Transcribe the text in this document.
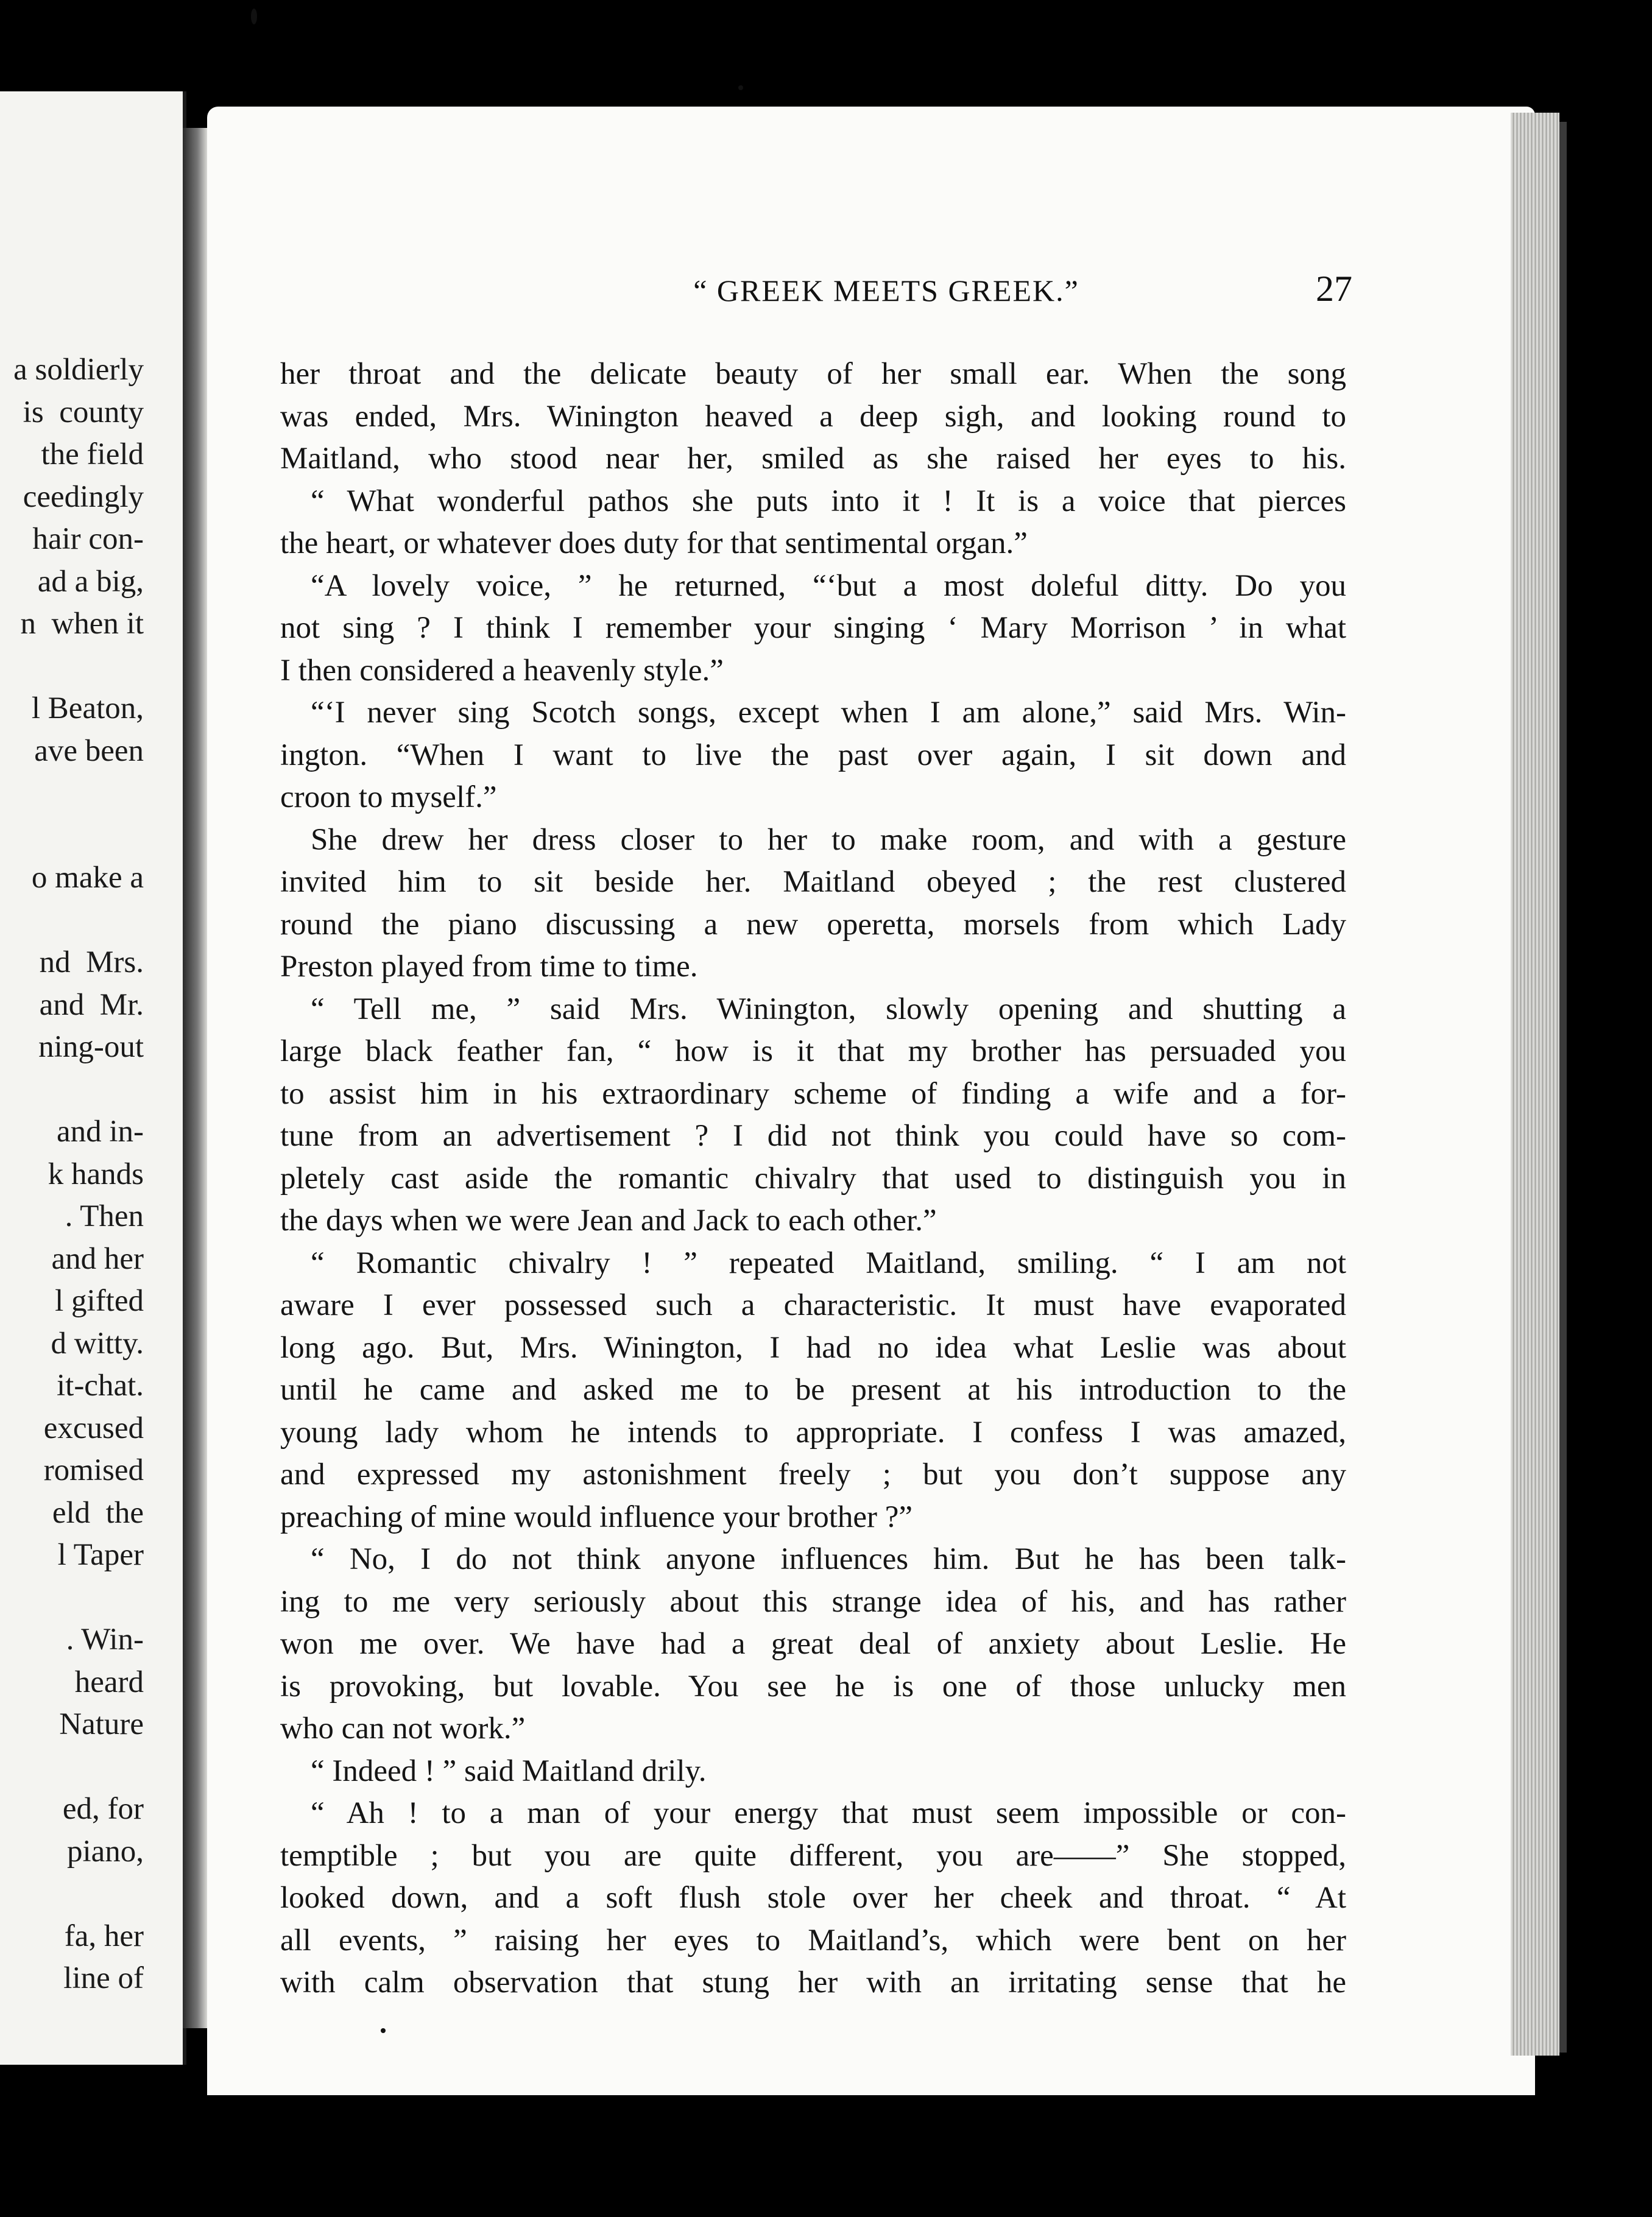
a soldierly
is  county
the field
ceedingly
hair con-
ad a big,
n  when it
l Beaton,
ave been
o make a
nd  Mrs.
and  Mr.
ning-out
and in-
k hands
. Then
and her
l gifted
d witty.
it-chat.
excused
romised
eld  the
l Taper
. Win-
heard
Nature
ed, for
piano,
fa, her
line of
“ GREEK MEETS GREEK.”	27
her throat and the delicate beauty of her small ear. When the song
was ended, Mrs. Winington heaved a deep sigh, and looking round to
Maitland, who stood near her, smiled as she raised her eyes to his.
“ What wonderful pathos she puts into it ! It is a voice that pierces
the heart, or whatever does duty for that sentimental organ.”
“A lovely voice, ” he returned, “‘but a most doleful ditty. Do you
not sing ? I think I remember your singing ‘ Mary Morrison ’ in what
I then considered a heavenly style.”
“‘I never sing Scotch songs, except when I am alone,” said Mrs. Win-
ington. “When I want to live the past over again, I sit down and
croon to myself.”
She drew her dress closer to her to make room, and with a gesture
invited him to sit beside her. Maitland obeyed ; the rest clustered
round the piano discussing a new operetta, morsels from which Lady
Preston played from time to time.
“ Tell me, ” said Mrs. Winington, slowly opening and shutting a
large black feather fan, “ how is it that my brother has persuaded you
to assist him in his extraordinary scheme of finding a wife and a for-
tune from an advertisement ? I did not think you could have so com-
pletely cast aside the romantic chivalry that used to distinguish you in
the days when we were Jean and Jack to each other.”
“ Romantic chivalry ! ” repeated Maitland, smiling. “ I am not
aware I ever possessed such a characteristic. It must have evaporated
long ago. But, Mrs. Winington, I had no idea what Leslie was about
until he came and asked me to be present at his introduction to the
young lady whom he intends to appropriate. I confess I was amazed,
and expressed my astonishment freely ; but you don’t suppose any
preaching of mine would influence your brother ?”
“ No, I do not think anyone influences him. But he has been talk-
ing to me very seriously about this strange idea of his, and has rather
won me over. We have had a great deal of anxiety about Leslie. He
is provoking, but lovable. You see he is one of those unlucky men
who can not work.”
“ Indeed ! ” said Maitland drily.
“ Ah ! to a man of your energy that must seem impossible or con-
temptible ; but you are quite different, you are——” She stopped,
looked down, and a soft flush stole over her cheek and throat. “ At
all events, ” raising her eyes to Maitland’s, which were bent on her
with calm observation that stung her with an irritating sense that he
